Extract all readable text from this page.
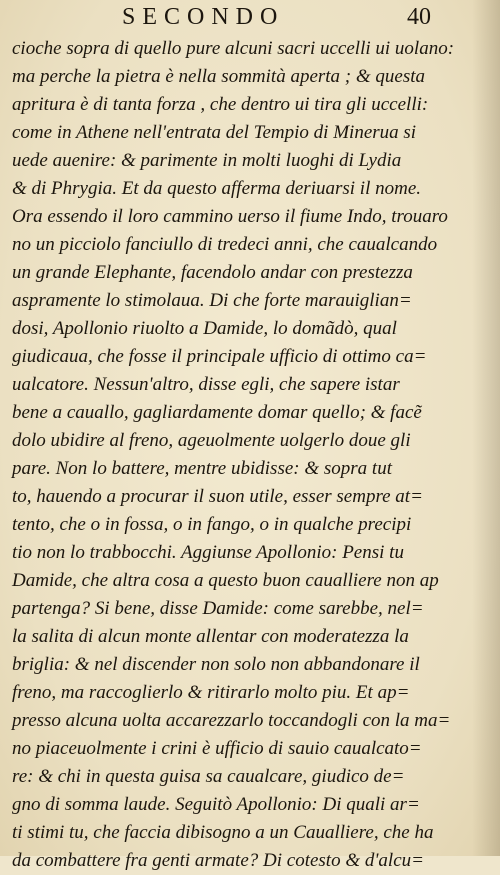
SECONDO	40
cioche sopra di quello pure alcuni sacri uccelli ui uolano:
ma perche la pietra è nella sommità aperta ; & questa
apritura è di tanta forza , che dentro ui tira gli uccelli:
come in Athene nell'entrata del Tempio di Minerua si
uede auenire: & parimente in molti luoghi di Lydia
& di Phrygia. Et da questo afferma deriuarsi il nome.
Ora essendo il loro cammino uerso il fiume Indo, trouaro
no un picciolo fanciullo di tredeci anni, che caualcando
un grande Elephante, facendolo andar con prestezza
aspramente lo stimolaua. Di che forte marauiglian=
dosi, Apollonio riuolto a Damide, lo domãdò, qual
giudicaua, che fosse il principale ufficio di ottimo ca=
ualcatore. Nessun'altro, disse egli, che sapere istar
bene a cauallo, gagliardamente domar quello; & facẽ
dolo ubidire al freno, ageuolmente uolgerlo doue gli
pare. Non lo battere, mentre ubidisse: & sopra tut
to, hauendo a procurar il suon utile, esser sempre at=
tento, che o in fossa, o in fango, o in qualche precipi
tio non lo trabbocchi. Aggiunse Apollonio: Pensi tu
Damide, che altra cosa a questo buon caualliere non ap
partenga? Si bene, disse Damide: come sarebbe, nel=
la salita di alcun monte allentar con moderatezza la
briglia: & nel discender non solo non abbandonare il
freno, ma raccoglierlo & ritirarlo molto piu. Et ap=
presso alcuna uolta accarezzarlo toccandogli con la ma=
no piaceuolmente i crini è ufficio di sauio caualcato=
re: & chi in questa guisa sa caualcare, giudico de=
gno di somma laude. Seguitò Apollonio: Di quali ar=
ti stimi tu, che faccia dibisogno a un Caualliere, che ha
da combattere fra genti armate? Di cotesto & d'alcu=
